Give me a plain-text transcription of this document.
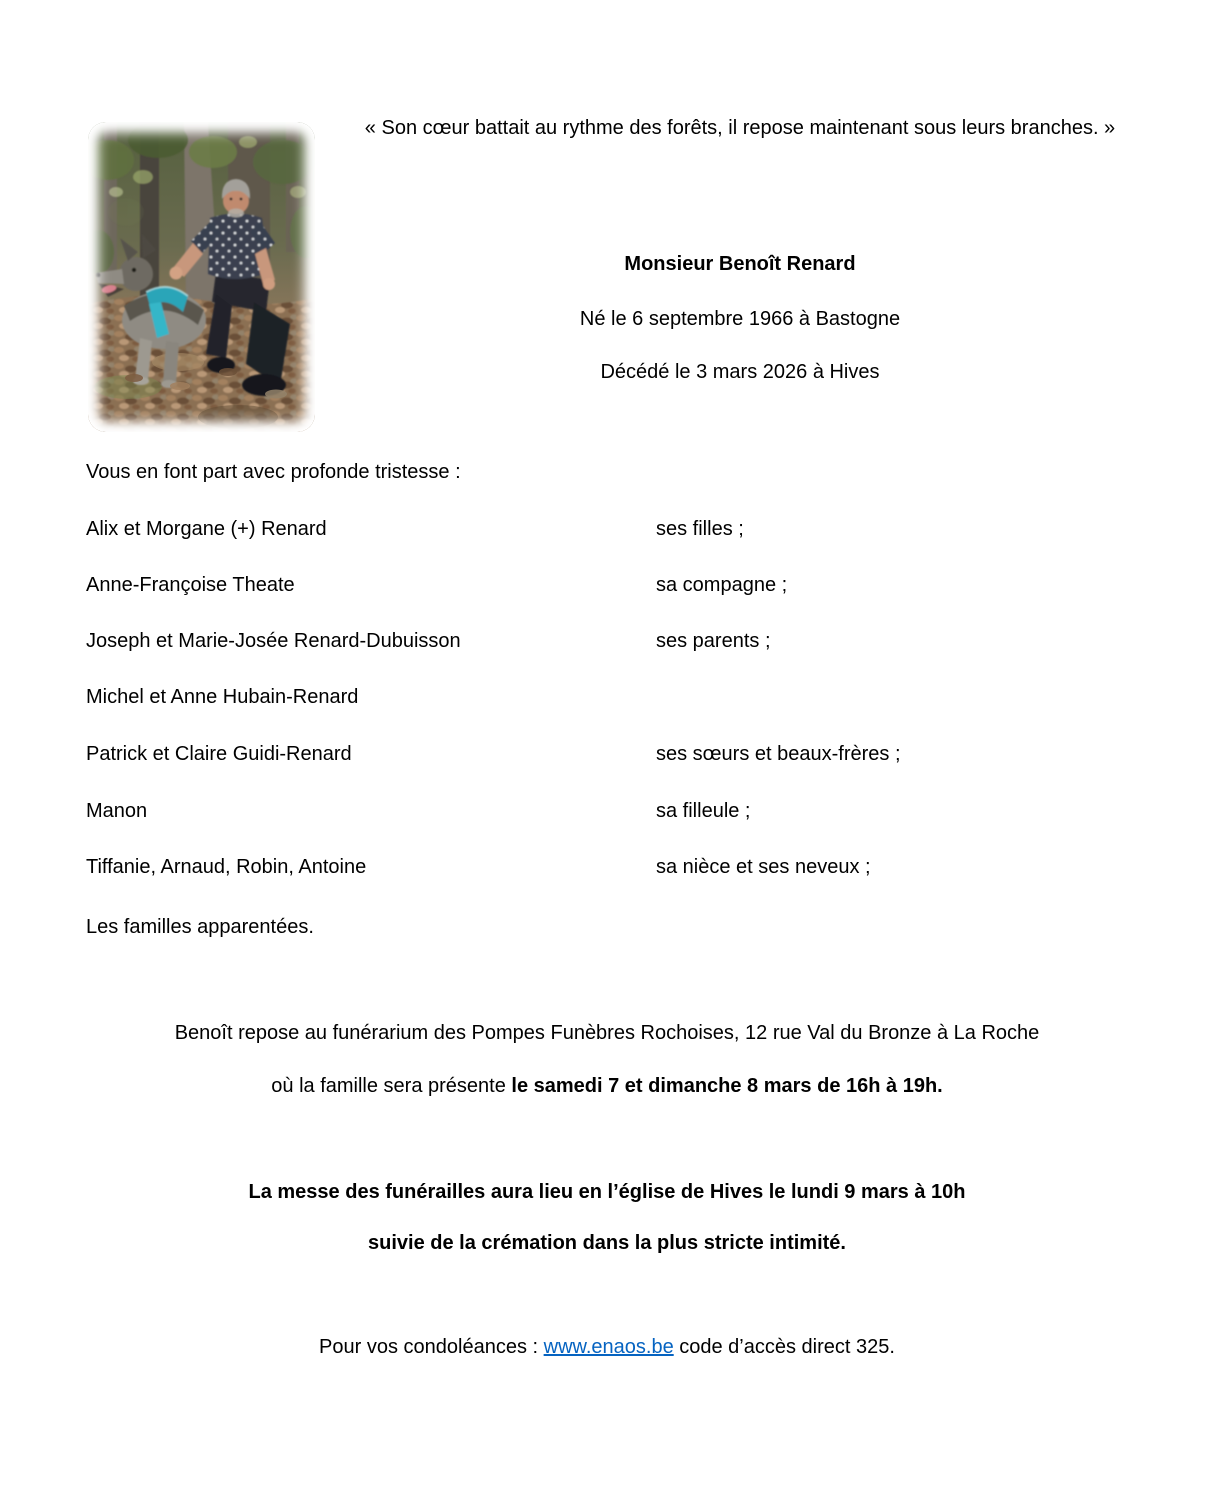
« Son cœur battait au rythme des forêts, il repose maintenant sous leurs branches. »
Monsieur Benoît Renard
Né le 6 septembre 1966 à Bastogne
Décédé le 3 mars 2026 à Hives
Vous en font part avec profonde tristesse :
Alix et Morgane (+) Renard	ses filles ;
Anne-Françoise Theate	sa compagne ;
Joseph et Marie-Josée Renard-Dubuisson	ses parents ;
Michel et Anne Hubain-Renard
Patrick et Claire Guidi-Renard	ses sœurs et beaux-frères ;
Manon	sa filleule ;
Tiffanie, Arnaud, Robin, Antoine	sa nièce et ses neveux ;
Les familles apparentées.
Benoît repose au funérarium des Pompes Funèbres Rochoises, 12 rue Val du Bronze à La Roche
où la famille sera présente le samedi 7 et dimanche 8 mars de 16h à 19h.
La messe des funérailles aura lieu en l’église de Hives le lundi 9 mars à 10h
suivie de la crémation dans la plus stricte intimité.
Pour vos condoléances : www.enaos.be code d’accès direct 325.
